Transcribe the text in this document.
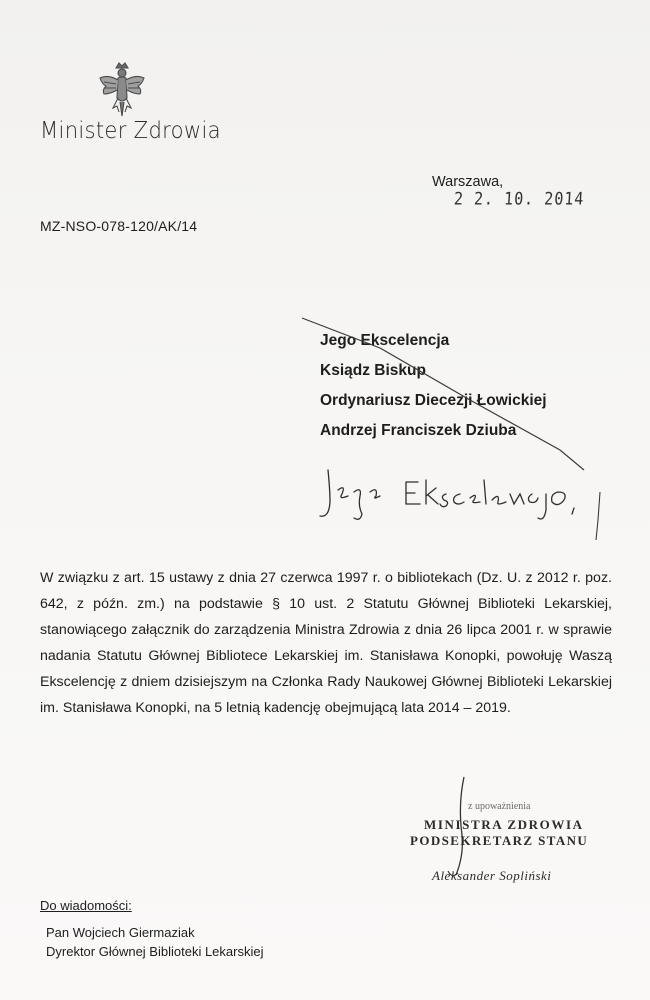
Minister Zdrowia
Warszawa,2 2. 10. 2014
MZ-NSO-078-120/AK/14
Jego Ekscelencja
Ksiądz Biskup
Ordynariusz Diecezji Łowickiej
Andrzej Franciszek Dziuba

W związku z art. 15 ustawy z dnia 27 czerwca 1997 r. o bibliotekach (Dz. U. z 2012 r. poz. 642, z późn. zm.) na podstawie § 10 ust. 2 Statutu Głównej Biblioteki Lekarskiej, stanowiącego załącznik do zarządzenia Ministra Zdrowia z dnia 26 lipca 2001 r. w sprawie nadania Statutu Głównej Bibliotece Lekarskiej im. Stanisława Konopki, powołuję Waszą Ekscelencję z dniem dzisiejszym na Członka Rady Naukowej Głównej Biblioteki Lekarskiej im. Stanisława Konopki, na 5 letnią kadencję obejmującą lata 2014 – 2019.

z upoważnienia
MINISTRA ZDROWIA
PODSEKRETARZ STANU
Aleksander Sopliński
Do wiadomości:
Pan Wojciech Giermaziak
Dyrektor Głównej Biblioteki Lekarskiej
